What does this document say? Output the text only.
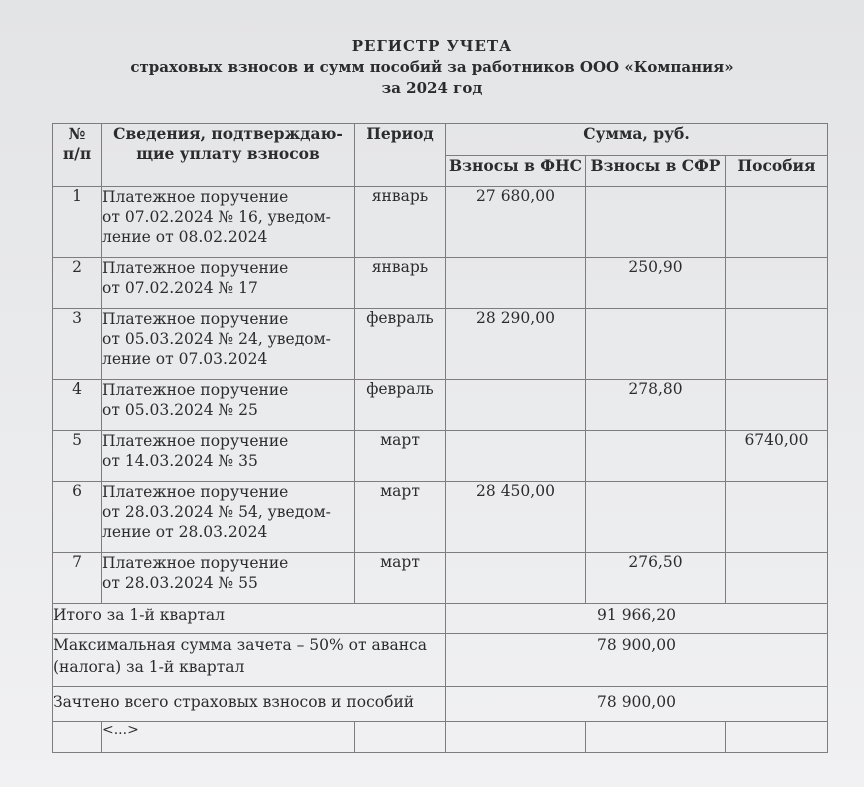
РЕГИСТР УЧЕТА
страховых взносов и сумм пособий за работников ООО «Компания»
за 2024 год
№
п/п	Сведения, подтверждаю-
щие уплату взносов	Период	Сумма, руб.		
			Взносы в ФНС	Взносы в СФР	Пособия
1	Платежное поручение
от 07.02.2024 № 16, уведом-
ление от 08.02.2024	январь	27 680,00		
2	Платежное поручение
от 07.02.2024 № 17	январь		250,90	
3	Платежное поручение
от 05.03.2024 № 24, уведом-
ление от 07.03.2024	февраль	28 290,00		
4	Платежное поручение
от 05.03.2024 № 25	февраль		278,80	
5	Платежное поручение
от 14.03.2024 № 35	март			6740,00
6	Платежное поручение
от 28.03.2024 № 54, уведом-
ление от 28.03.2024	март	28 450,00		
7	Платежное поручение
от 28.03.2024 № 55	март		276,50	
Итого за 1-й квартал			91 966,20		
Максимальная сумма зачета – 50% от аванса
(налога) за 1-й квартал			78 900,00		
Зачтено всего страховых взносов и пособий			78 900,00		
	<...>				
